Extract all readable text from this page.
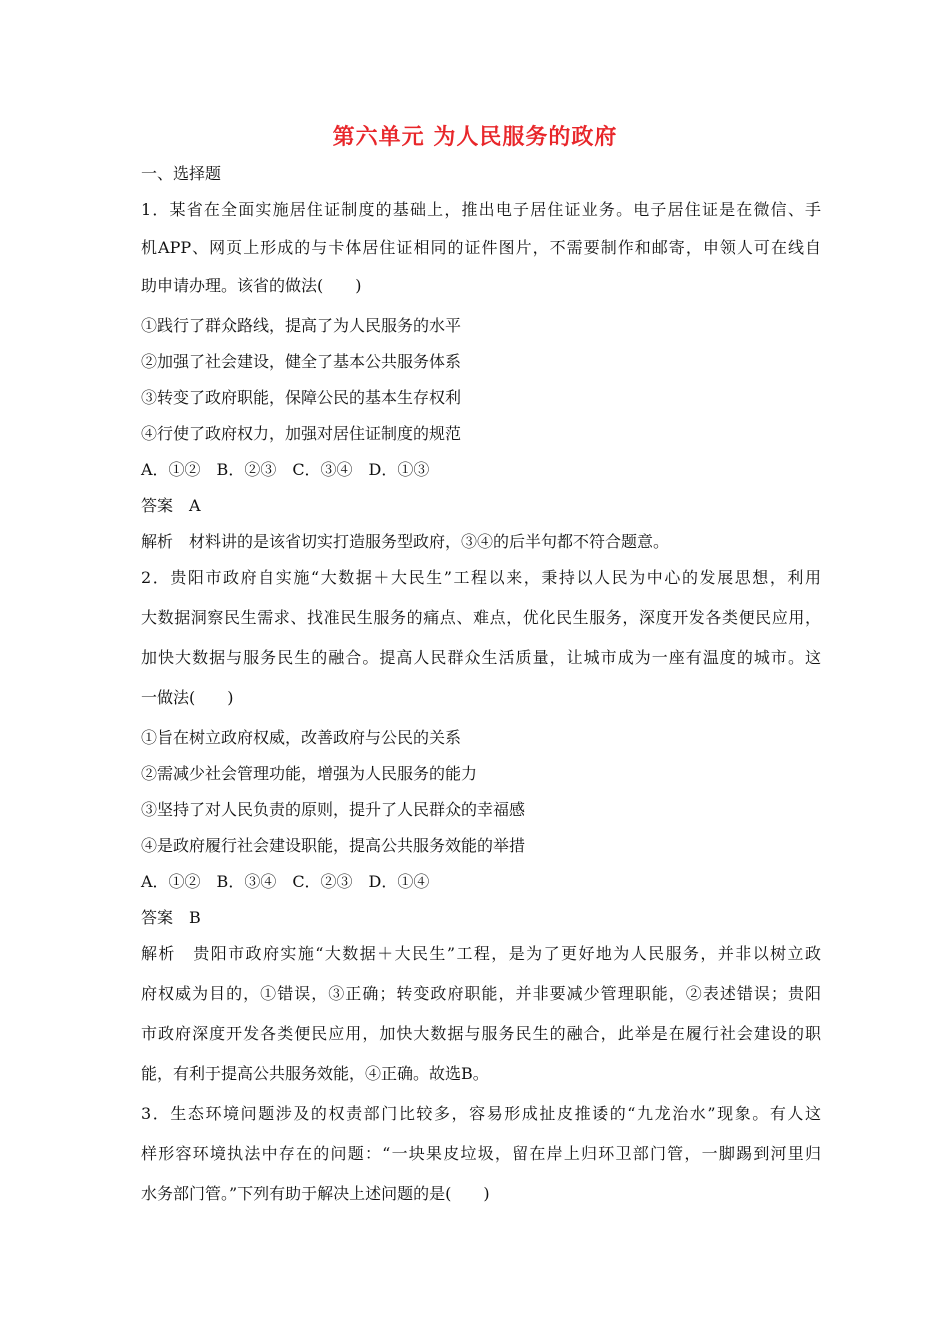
第六单元 为人民服务的政府
一、选择题
1．某省在全面实施居住证制度的基础上，推出电子居住证业务。电子居住证是在微信、手
机APP、网页上形成的与卡体居住证相同的证件图片，不需要制作和邮寄，申领人可在线自
助申请办理。该省的做法(　　)
①践行了群众路线，提高了为人民服务的水平
②加强了社会建设，健全了基本公共服务体系
③转变了政府职能，保障公民的基本生存权利
④行使了政府权力，加强对居住证制度的规范
A．①②　B．②③　C．③④　D．①③
答案　A
解析　材料讲的是该省切实打造服务型政府，③④的后半句都不符合题意。
2．贵阳市政府自实施“大数据＋大民生”工程以来，秉持以人民为中心的发展思想，利用
大数据洞察民生需求、找准民生服务的痛点、难点，优化民生服务，深度开发各类便民应用，
加快大数据与服务民生的融合。提高人民群众生活质量，让城市成为一座有温度的城市。这
一做法(　　)
①旨在树立政府权威，改善政府与公民的关系
②需减少社会管理功能，增强为人民服务的能力
③坚持了对人民负责的原则，提升了人民群众的幸福感
④是政府履行社会建设职能，提高公共服务效能的举措
A．①②　B．③④　C．②③　D．①④
答案　B
解析　贵阳市政府实施“大数据＋大民生”工程，是为了更好地为人民服务，并非以树立政
府权威为目的，①错误，③正确；转变政府职能，并非要减少管理职能，②表述错误；贵阳
市政府深度开发各类便民应用，加快大数据与服务民生的融合，此举是在履行社会建设的职
能，有利于提高公共服务效能，④正确。故选B。
3．生态环境问题涉及的权责部门比较多，容易形成扯皮推诿的“九龙治水”现象。有人这
样形容环境执法中存在的问题：“一块果皮垃圾，留在岸上归环卫部门管，一脚踢到河里归
水务部门管。”下列有助于解决上述问题的是(　　)
